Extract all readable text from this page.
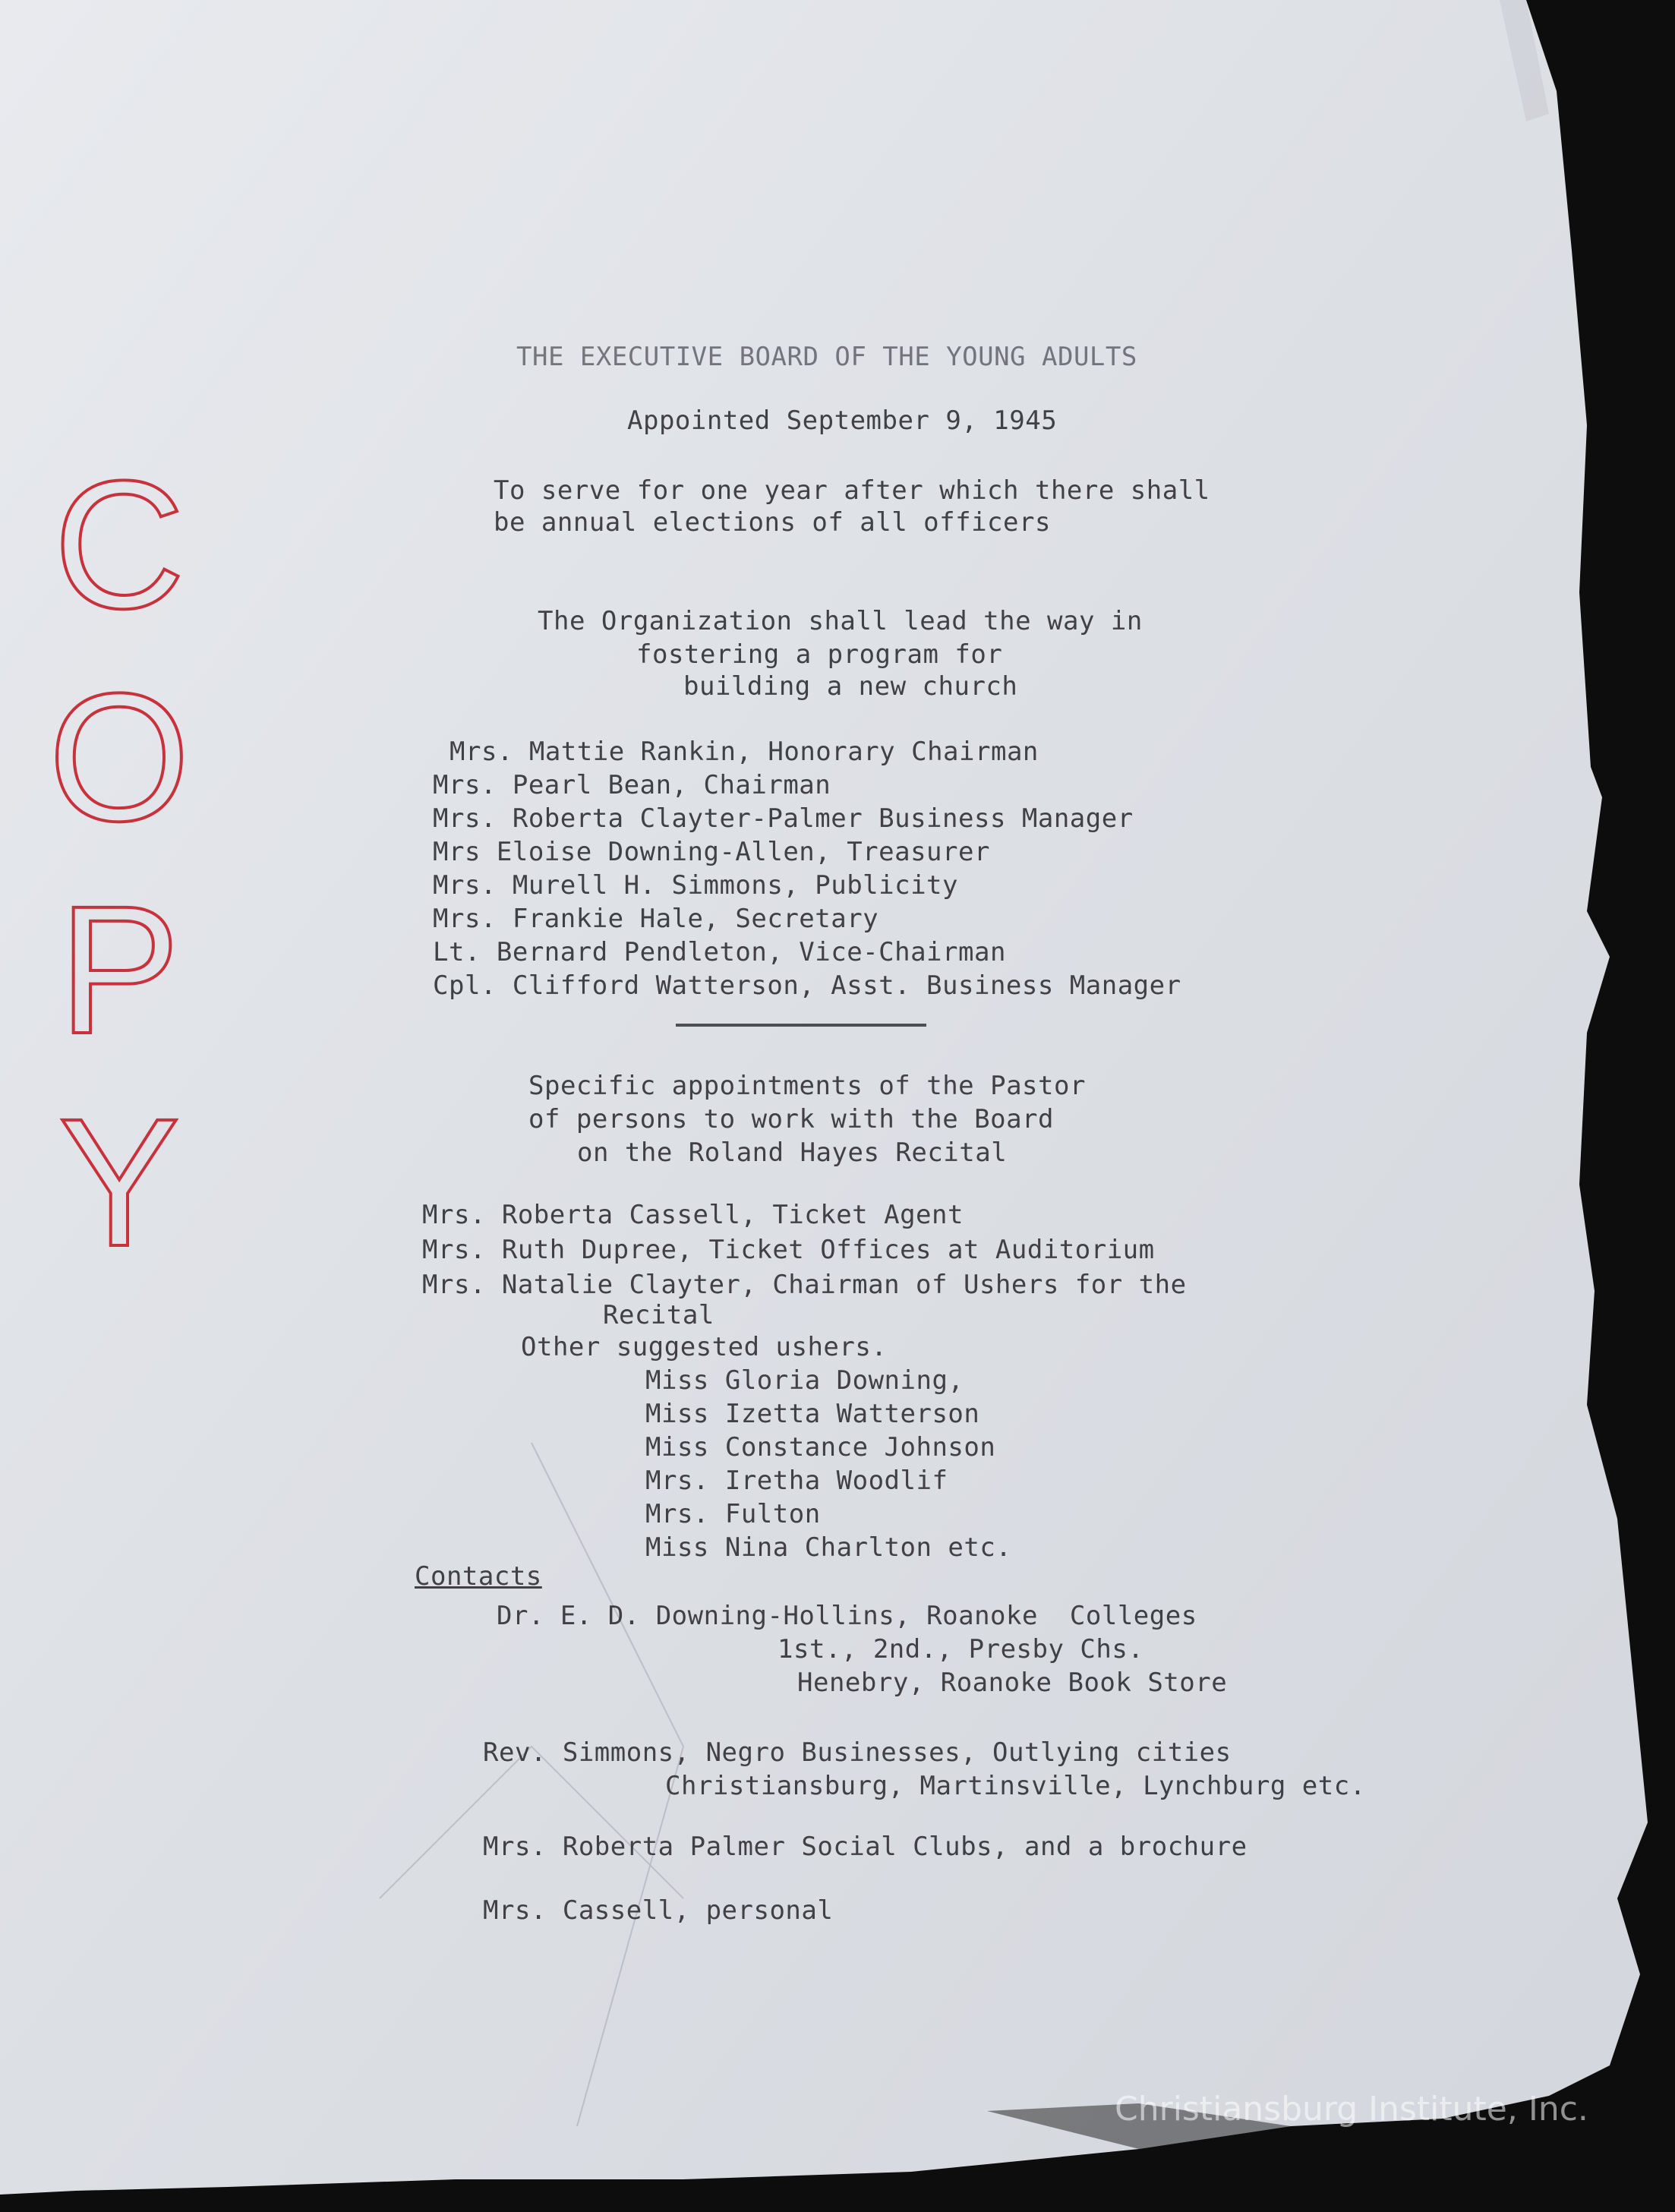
C
O
P
Y
THE EXECUTIVE BOARD OF THE YOUNG ADULTS
Appointed September 9, 1945
To serve for one year after which there shall
be annual elections of all officers
The Organization shall lead the way in
fostering a program for
building a new church
Mrs. Mattie Rankin, Honorary Chairman
Mrs. Pearl Bean, Chairman
Mrs. Roberta Clayter-Palmer Business Manager
Mrs Eloise Downing-Allen, Treasurer
Mrs. Murell H. Simmons, Publicity
Mrs. Frankie Hale, Secretary
Lt. Bernard Pendleton, Vice-Chairman
Cpl. Clifford Watterson, Asst. Business Manager
Specific appointments of the Pastor
of persons to work with the Board
on the Roland Hayes Recital
Mrs. Roberta Cassell, Ticket Agent
Mrs. Ruth Dupree, Ticket Offices at Auditorium
Mrs. Natalie Clayter, Chairman of Ushers for the
Recital
Other suggested ushers.
Miss Gloria Downing,
Miss Izetta Watterson
Miss Constance Johnson
Mrs. Iretha Woodlif
Mrs. Fulton
Miss Nina Charlton etc.
Contacts
Dr. E. D. Downing-Hollins, Roanoke  Colleges
1st., 2nd., Presby Chs.
Henebry, Roanoke Book Store
Rev. Simmons, Negro Businesses, Outlying cities
Christiansburg, Martinsville, Lynchburg etc.
Mrs. Roberta Palmer Social Clubs, and a brochure
Mrs. Cassell, personal
Christiansburg Institute, Inc.
